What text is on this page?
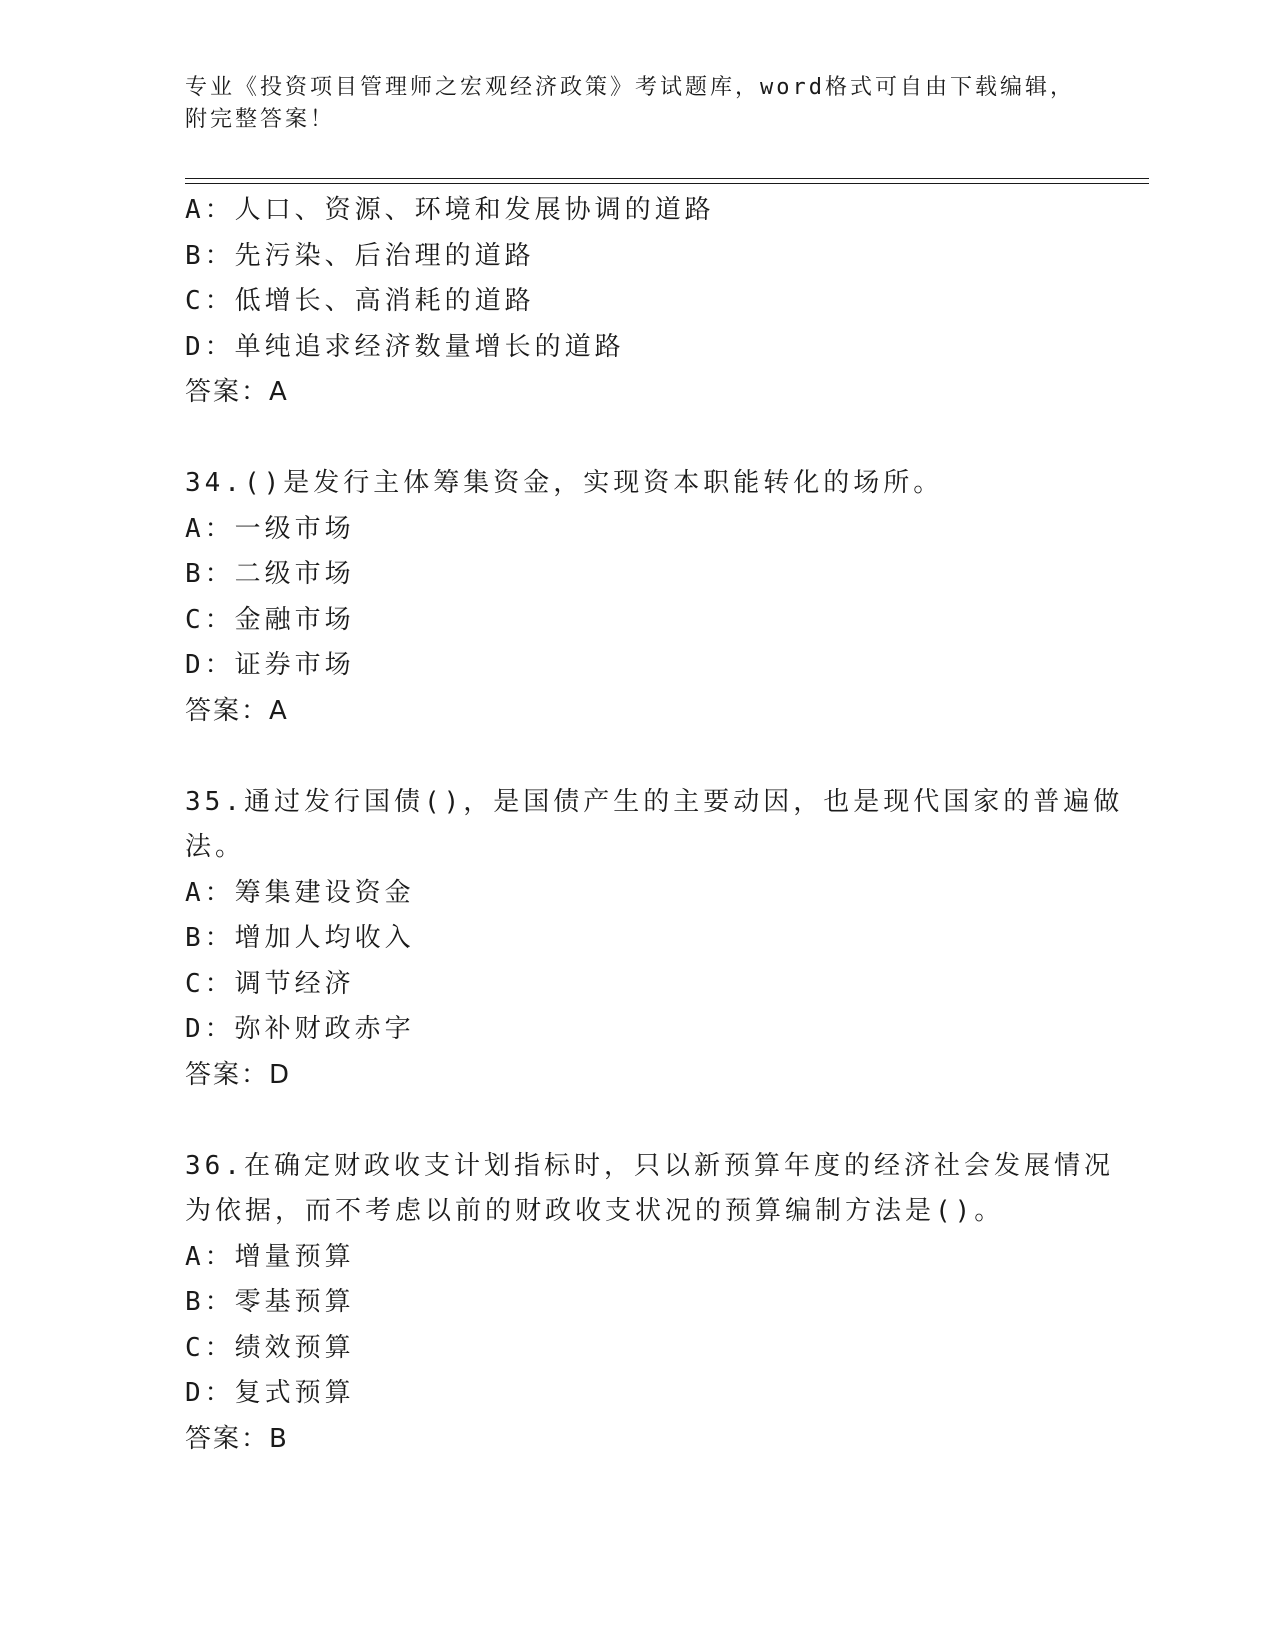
专业《投资项目管理师之宏观经济政策》考试题库，word格式可自由下载编辑，
附完整答案！
A：人口、资源、环境和发展协调的道路
B：先污染、后治理的道路
C：低增长、高消耗的道路
D：单纯追求经济数量增长的道路
答案：A
34.()是发行主体筹集资金，实现资本职能转化的场所。
A：一级市场
B：二级市场
C：金融市场
D：证券市场
答案：A
35.通过发行国债()，是国债产生的主要动因，也是现代国家的普遍做
法。
A：筹集建设资金
B：增加人均收入
C：调节经济
D：弥补财政赤字
答案：D
36.在确定财政收支计划指标时，只以新预算年度的经济社会发展情况
为依据，而不考虑以前的财政收支状况的预算编制方法是()。
A：增量预算
B：零基预算
C：绩效预算
D：复式预算
答案：B
